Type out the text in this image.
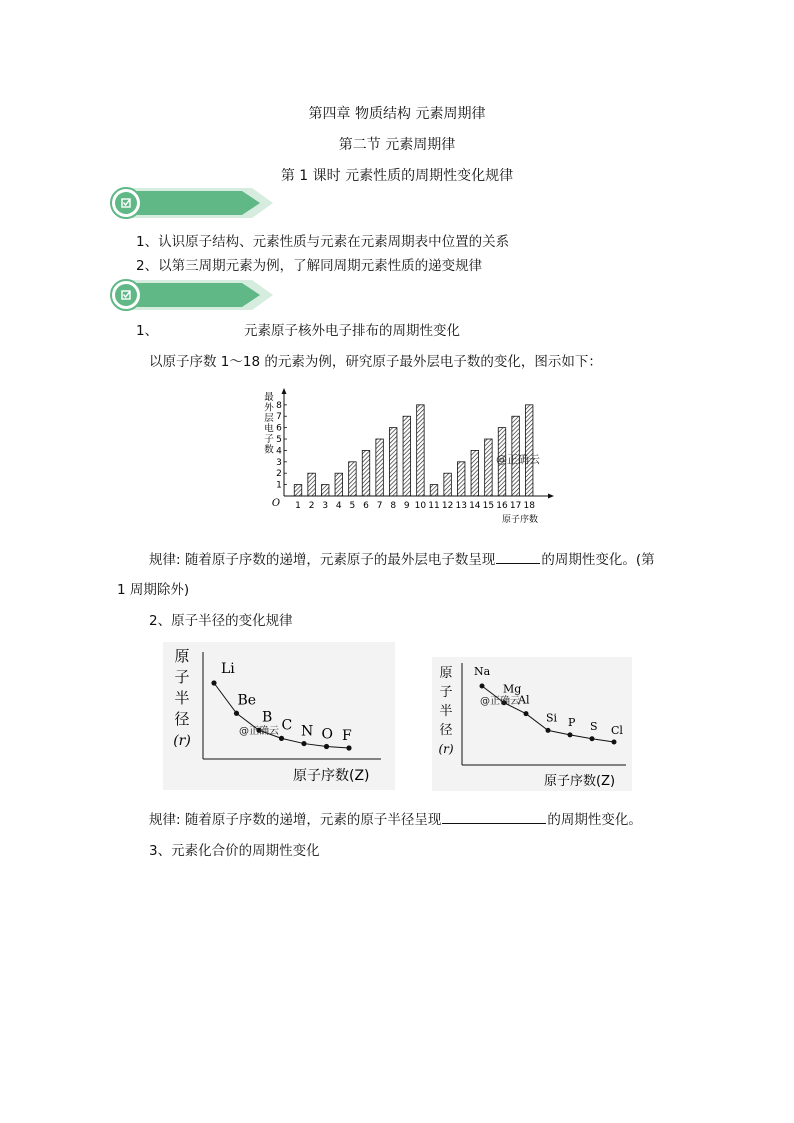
第四章 物质结构 元素周期律
第二节 元素周期律
第 1 课时 元素性质的周期性变化规律
1、认识原子结构、元素性质与元素在元素周期表中位置的关系
2、以第三周期元素为例，了解同周期元素性质的递变规律
1、	元素原子核外电子排布的周期性变化
以原子序数 1～18 的元素为例，研究原子最外层电子数的变化，图示如下：
最
外
层
电
子
数
1
2
3
4
5
6
7
8
1 2 3 4 5 6 7 8 9 10 11 12 13 14 15 16 17 18
O
原子序数
@正确云
规律: 随着原子序数的递增，元素原子的最外层电子数呈现	的周期性变化。(第
1 周期除外)
2、原子半径的变化规律
原
子
半
径
(r)
Li
Be
B
C N O F
@正确云
原子序数(Z)
原
子
半
径
(r)
Na
Mg
Al
Si P S Cl
@正确云
原子序数(Z)
规律: 随着原子序数的递增，元素的原子半径呈现	的周期性变化。
3、元素化合价的周期性变化
